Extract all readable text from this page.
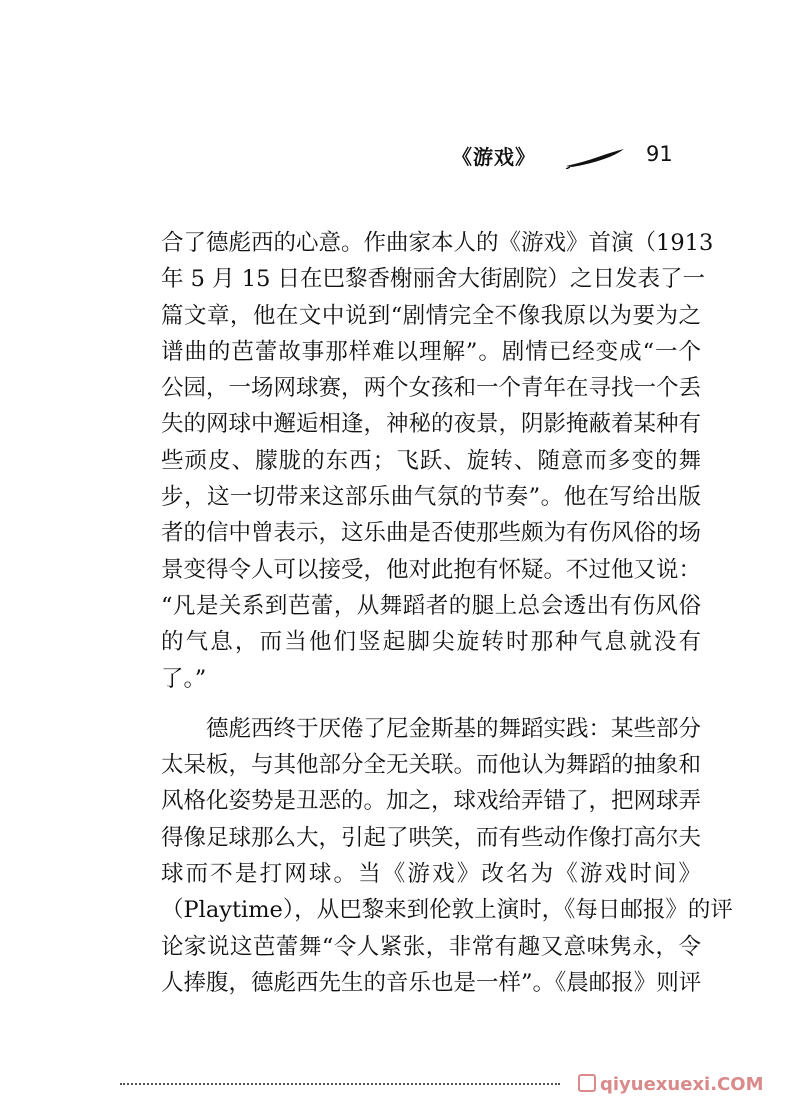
《游戏》	91
合了德彪西的心意。作曲家本人的《游戏》首演（1913
年 5 月 15 日在巴黎香榭丽舍大街剧院）之日发表了一
篇文章，他在文中说到“剧情完全不像我原以为要为之
谱曲的芭蕾故事那样难以理解”。剧情已经变成“一个
公园，一场网球赛，两个女孩和一个青年在寻找一个丢
失的网球中邂逅相逢，神秘的夜景，阴影掩蔽着某种有
些顽皮、朦胧的东西；飞跃、旋转、随意而多变的舞
步，这一切带来这部乐曲气氛的节奏”。他在写给出版
者的信中曾表示，这乐曲是否使那些颇为有伤风俗的场
景变得令人可以接受，他对此抱有怀疑。不过他又说：
“凡是关系到芭蕾，从舞蹈者的腿上总会透出有伤风俗
的气息，而当他们竖起脚尖旋转时那种气息就没有
了。”
德彪西终于厌倦了尼金斯基的舞蹈实践：某些部分
太呆板，与其他部分全无关联。而他认为舞蹈的抽象和
风格化姿势是丑恶的。加之，球戏给弄错了，把网球弄
得像足球那么大，引起了哄笑，而有些动作像打高尔夫
球而不是打网球。当《游戏》改名为《游戏时间》
（Playtime），从巴黎来到伦敦上演时，《每日邮报》的评
论家说这芭蕾舞“令人紧张，非常有趣又意味隽永，令
人捧腹，德彪西先生的音乐也是一样”。《晨邮报》则评
qiyuexuexi.COM
